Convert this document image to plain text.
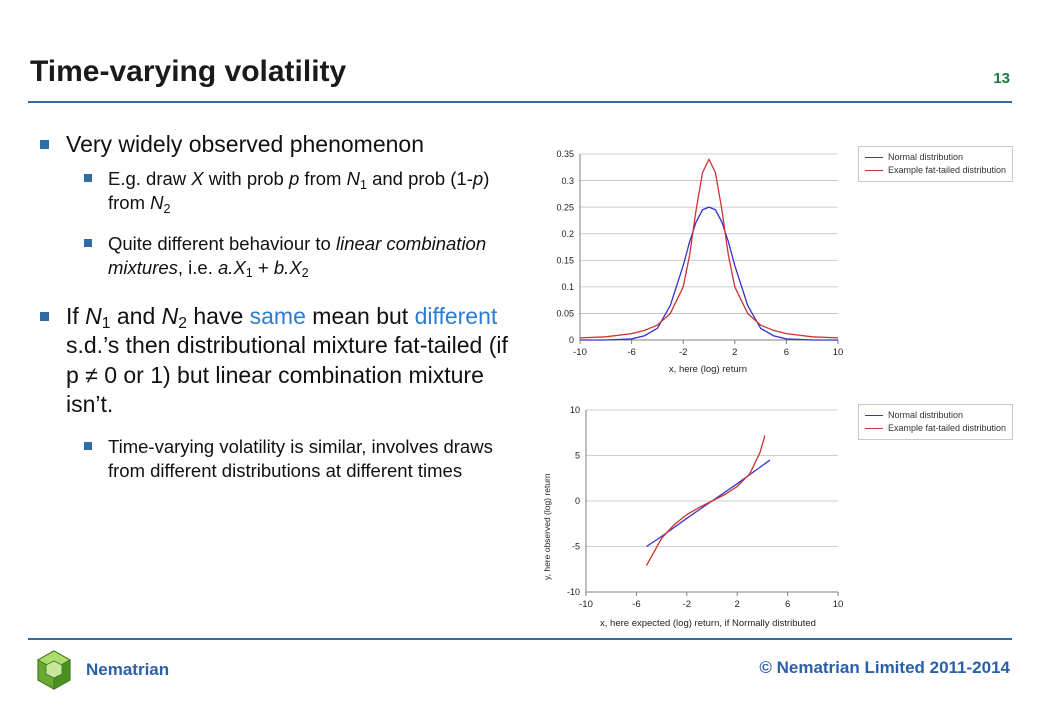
Time-varying volatility	13
Very widely observed phenomenon
E.g. draw X with prob p from $N_1$ and prob (1-p) from $N_2$
Quite different behaviour to linear combination mixtures, i.e. $a.X_1 + b.X_2$
If $N_1$ and $N_2$ have same mean but different s.d.’s then distributional mixture fat-tailed (if p ≠ 0 or 1) but linear combination mixture isn’t.
Time-varying volatility is similar, involves draws from different distributions at different times
0
0.05
0.1
0.15
0.2
0.25
0.3
0.35
-10	-6	-2	2	6	10
Normal distribution
Example fat-tailed distribution
x, here (log) return
-10
-5
0
5
10
-10	-6	-2	2	6	10
Normal distribution
Example fat-tailed distribution
x, here expected (log) return, if Normally distributed
y, here observed (log) return
Nematrian	© Nematrian Limited 2011-2014
